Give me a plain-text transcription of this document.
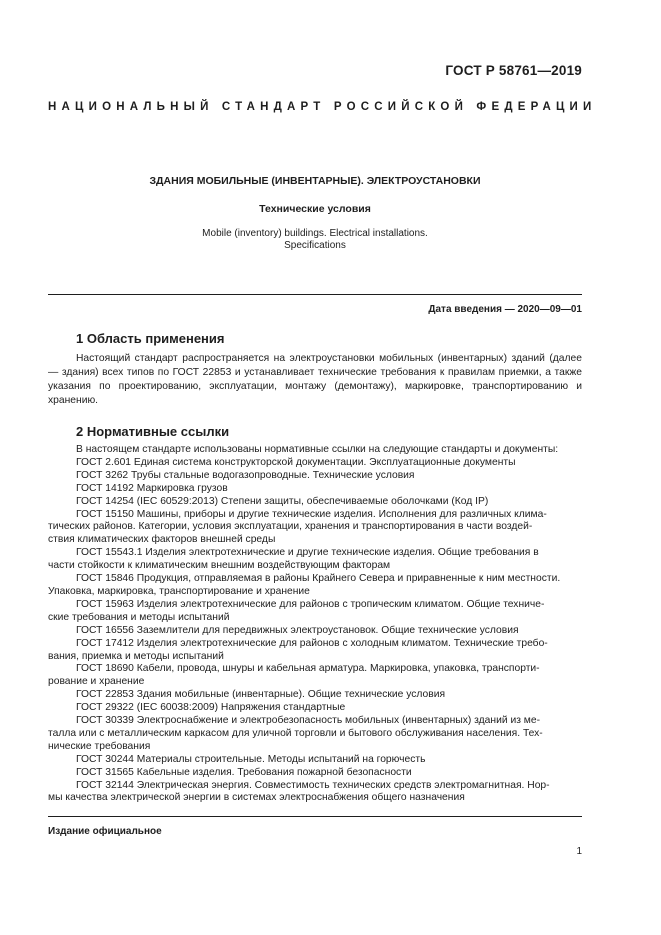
ГОСТ Р 58761—2019
НАЦИОНАЛЬНЫЙ СТАНДАРТ РОССИЙСКОЙ ФЕДЕРАЦИИ
ЗДАНИЯ МОБИЛЬНЫЕ (ИНВЕНТАРНЫЕ). ЭЛЕКТРОУСТАНОВКИ
Технические условия
Mobile (inventory) buildings. Electrical installations.
Specifications
Дата введения — 2020—09—01
1 Область применения
Настоящий стандарт распространяется на электроустановки мобильных (инвентарных) зданий (далее — здания) всех типов по ГОСТ 22853 и устанавливает технические требования к правилам приемки, а также указания по проектированию, эксплуатации, монтажу (демонтажу), маркировке, транспортированию и хранению.
2 Нормативные ссылки
В настоящем стандарте использованы нормативные ссылки на следующие стандарты и документы:
ГОСТ 2.601 Единая система конструкторской документации. Эксплуатационные документы
ГОСТ 3262 Трубы стальные водогазопроводные. Технические условия
ГОСТ 14192 Маркировка грузов
ГОСТ 14254 (IEC 60529:2013) Степени защиты, обеспечиваемые оболочками (Код IP)
ГОСТ 15150 Машины, приборы и другие технические изделия. Исполнения для различных клима-
тических районов. Категории, условия эксплуатации, хранения и транспортирования в части воздей-
ствия климатических факторов внешней среды
ГОСТ 15543.1 Изделия электротехнические и другие технические изделия. Общие требования в
части стойкости к климатическим внешним воздействующим факторам
ГОСТ 15846 Продукция, отправляемая в районы Крайнего Севера и приравненные к ним местности.
Упаковка, маркировка, транспортирование и хранение
ГОСТ 15963 Изделия электротехнические для районов с тропическим климатом. Общие техниче-
ские требования и методы испытаний
ГОСТ 16556 Заземлители для передвижных электроустановок. Общие технические условия
ГОСТ 17412 Изделия электротехнические для районов с холодным климатом. Технические требо-
вания, приемка и методы испытаний
ГОСТ 18690 Кабели, провода, шнуры и кабельная арматура. Маркировка, упаковка, транспорти-
рование и хранение
ГОСТ 22853 Здания мобильные (инвентарные). Общие технические условия
ГОСТ 29322 (IEC 60038:2009) Напряжения стандартные
ГОСТ 30339 Электроснабжение и электробезопасность мобильных (инвентарных) зданий из ме-
талла или с металлическим каркасом для уличной торговли и бытового обслуживания населения. Тех-
нические требования
ГОСТ 30244 Материалы строительные. Методы испытаний на горючесть
ГОСТ 31565 Кабельные изделия. Требования пожарной безопасности
ГОСТ 32144 Электрическая энергия. Совместимость технических средств электромагнитная. Нор-
мы качества электрической энергии в системах электроснабжения общего назначения
Издание официальное
1
